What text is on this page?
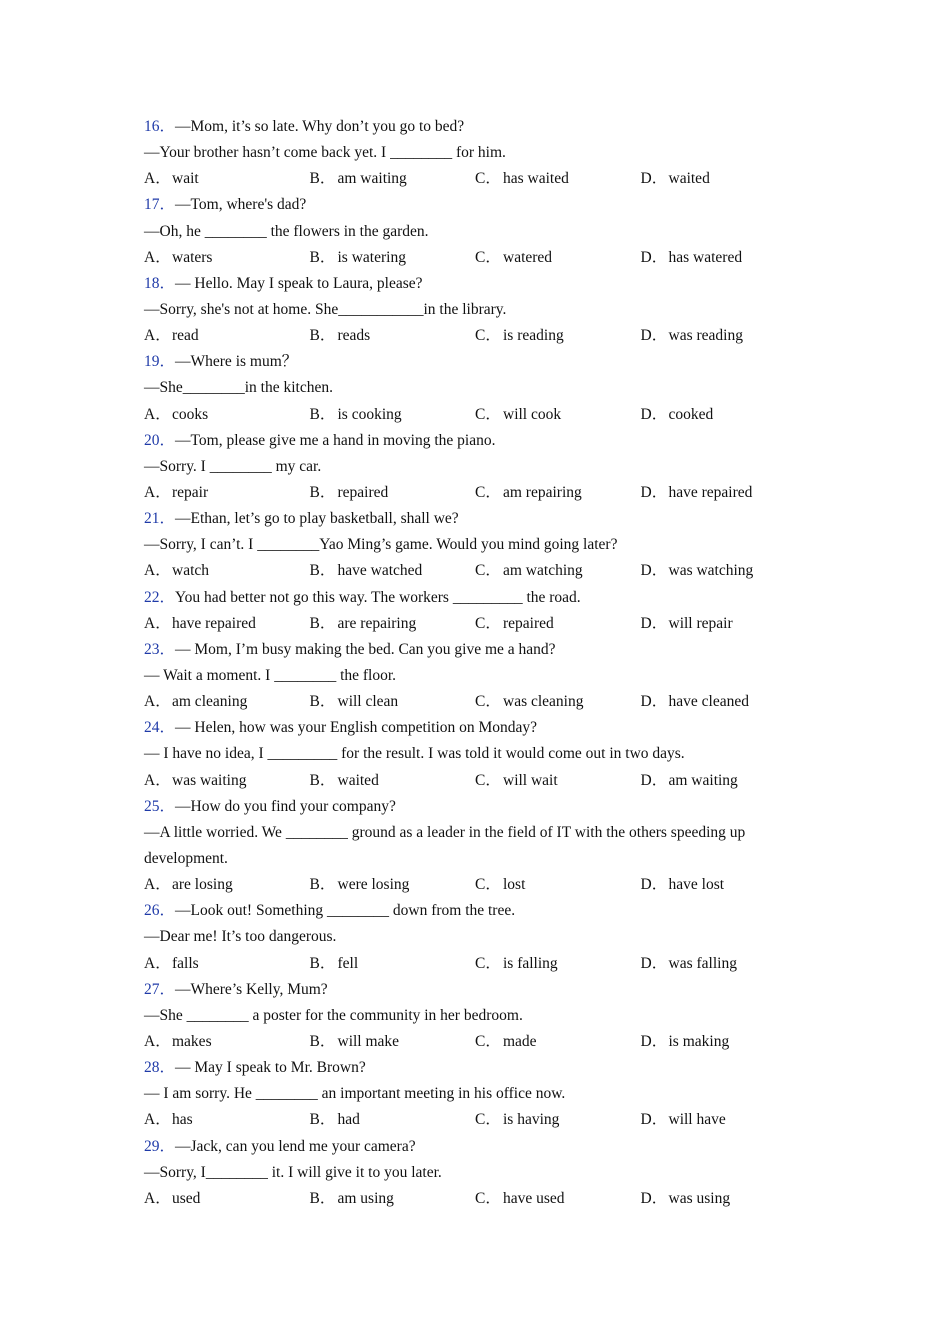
16．—Mom, it’s so late. Why don’t you go to bed?
—Your brother hasn’t come back yet. I ________ for him.
A．wait	B． am waiting	C． has waited	D．waited
17．—Tom, where's dad?
—Oh, he ________ the flowers in the garden.
A．waters	B． is watering	C． watered	D．has watered
18．— Hello. May I speak to Laura, please?
—Sorry, she's not at home. She___________in the library.
A．read	B． reads	C． is reading	D．was reading
19．—Where is mum？
—She________in the kitchen.
A．cooks	B． is cooking	C． will cook	D．cooked
20．—Tom, please give me a hand in moving the piano.
—Sorry. I ________ my car.
A．repair	B． repaired	C． am repairing	D．have repaired
21．—Ethan, let’s go to play basketball, shall we?
—Sorry, I can’t. I ________Yao Ming’s game. Would you mind going later?
A．watch	B． have watched	C． am watching	D．was watching
22．You had better not go this way. The workers _________ the road.
A．have repaired	B． are repairing	C． repaired	D．will repair
23．— Mom, I’m busy making the bed. Can you give me a hand?
— Wait a moment. I ________ the floor.
A．am cleaning	B． will clean	C． was cleaning	D．have cleaned
24．— Helen, how was your English competition on Monday?
— I have no idea, I _________ for the result. I was told it would come out in two days.
A．was waiting	B． waited	C． will wait	D．am waiting
25．—How do you find your company?
—A little worried. We ________ ground as a leader in the field of IT with the others speeding up development.
A．are losing	B． were losing	C． lost	D．have lost
26．—Look out! Something ________ down from the tree.
—Dear me! It’s too dangerous.
A．falls	B． fell	C． is falling	D．was falling
27．—Where’s Kelly, Mum?
—She ________ a poster for the community in her bedroom.
A．makes	B． will make	C． made	D．is making
28．— May I speak to Mr. Brown?
— I am sorry. He ________ an important meeting in his office now.
A．has	B． had	C． is having	D．will have
29．—Jack, can you lend me your camera?
—Sorry, I________ it. I will give it to you later.
A．used	B． am using	C． have used	D．was using
